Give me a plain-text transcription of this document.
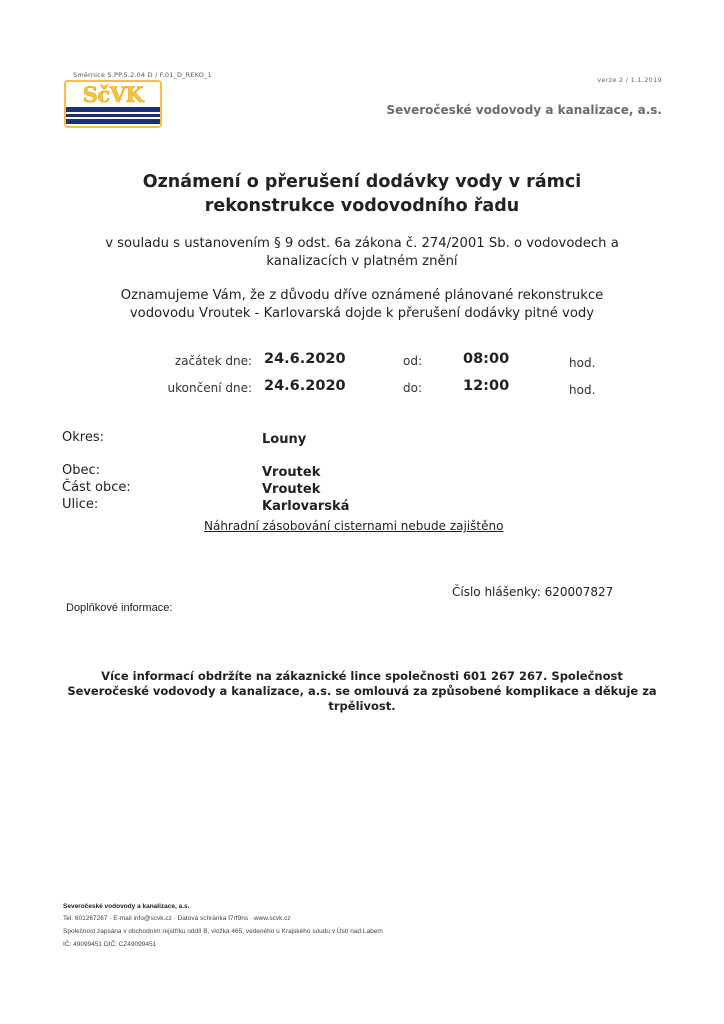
Směrnice S.PP.5.2.04 D / F.01_D_REKO_1
verze 2 / 1.1.2019
SčVK
Severočeské vodovody a kanalizace, a.s.
Oznámení o přerušení dodávky vody v rámci
rekonstrukce vodovodního řadu
v souladu s ustanovením § 9 odst. 6a zákona č. 274/2001 Sb. o vodovodech a
kanalizacích v platném znění
Oznamujeme Vám, že z důvodu dříve oznámené plánované rekonstrukce
vodovodu Vroutek - Karlovarská dojde k přerušení dodávky pitné vody
začátek dne: 24.6.2020	od:	08:00	hod.
ukončení dne: 24.6.2020	do:	12:00	hod.
Okres:	Louny
Obec:	Vroutek
Část obce:	Vroutek
Ulice:	Karlovarská
Náhradní zásobování cisternami nebude zajištěno
Číslo hlášenky: 620007827
Doplňkové informace:
Více informací obdržíte na zákaznické lince společnosti 601 267 267. Společnost
Severočeské vodovody a kanalizace, a.s. se omlouvá za způsobené komplikace a děkuje za
trpělivost.
Severočeské vodovody a kanalizace, a.s.
Tel. 601267267 · E-mail info@scvk.cz · Datová schránka f7rf9ns · www.scvk.cz
Společnost zapsána v obchodním rejstříku oddíl B, vložka 465, vedeného u Krajského soudu v Ústí nad Labem
IČ: 49099451 DIČ: CZ49099451
